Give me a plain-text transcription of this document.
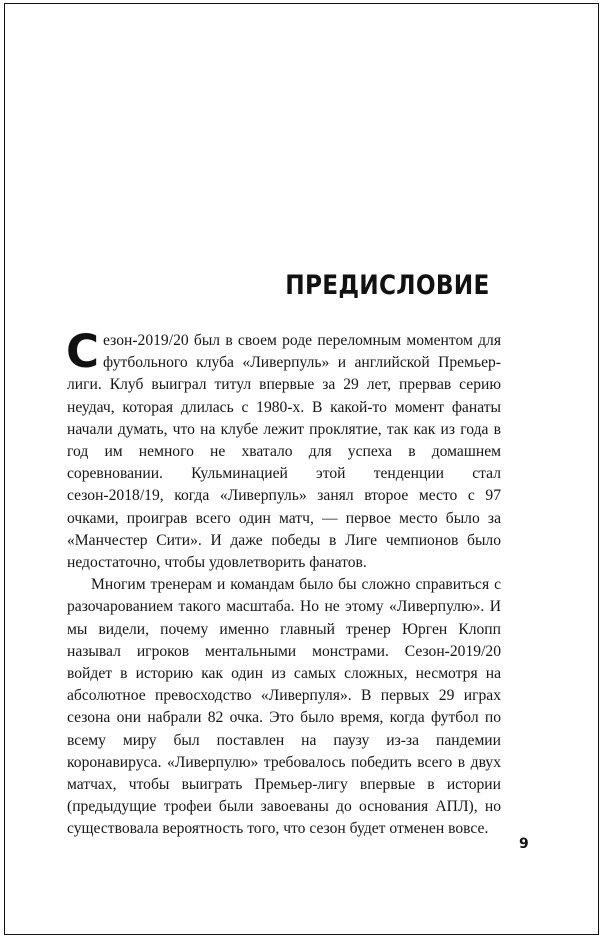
ПРЕДИСЛОВИЕ

Сезон-2019/20 был в своем роде переломным моментом для футбольного клуба «Ливерпуль» и английской Премьер-лиги. Клуб выиграл титул впервые за 29 лет, прервав серию неудач, которая длилась с 1980-х. В какой-то момент фанаты начали думать, что на клубе лежит проклятие, так как из года в год им немного не хватало для успеха в домашнем соревновании. Кульминацией этой тенденции стал сезон-2018/19, когда «Ливерпуль» занял второе место с 97 очками, проиграв всего один матч, — первое место было за «Манчестер Сити». И даже победы в Лиге чемпионов было недостаточно, чтобы удовлетворить фанатов.

Многим тренерам и командам было бы сложно справиться с разочарованием такого масштаба. Но не этому «Ливерпулю». И мы видели, почему именно главный тренер Юрген Клопп называл игроков ментальными монстрами. Сезон-2019/20 войдет в историю как один из самых сложных, несмотря на абсолютное превосходство «Ливерпуля». В первых 29 играх сезона они набрали 82 очка. Это было время, когда футбол по всему миру был поставлен на паузу из-за пандемии коронавируса. «Ливерпулю» требовалось победить всего в двух матчах, чтобы выиграть Премьер-лигу впервые в истории (предыдущие трофеи были завоеваны до основания АПЛ), но существовала вероятность того, что сезон будет отменен вовсе.

9
